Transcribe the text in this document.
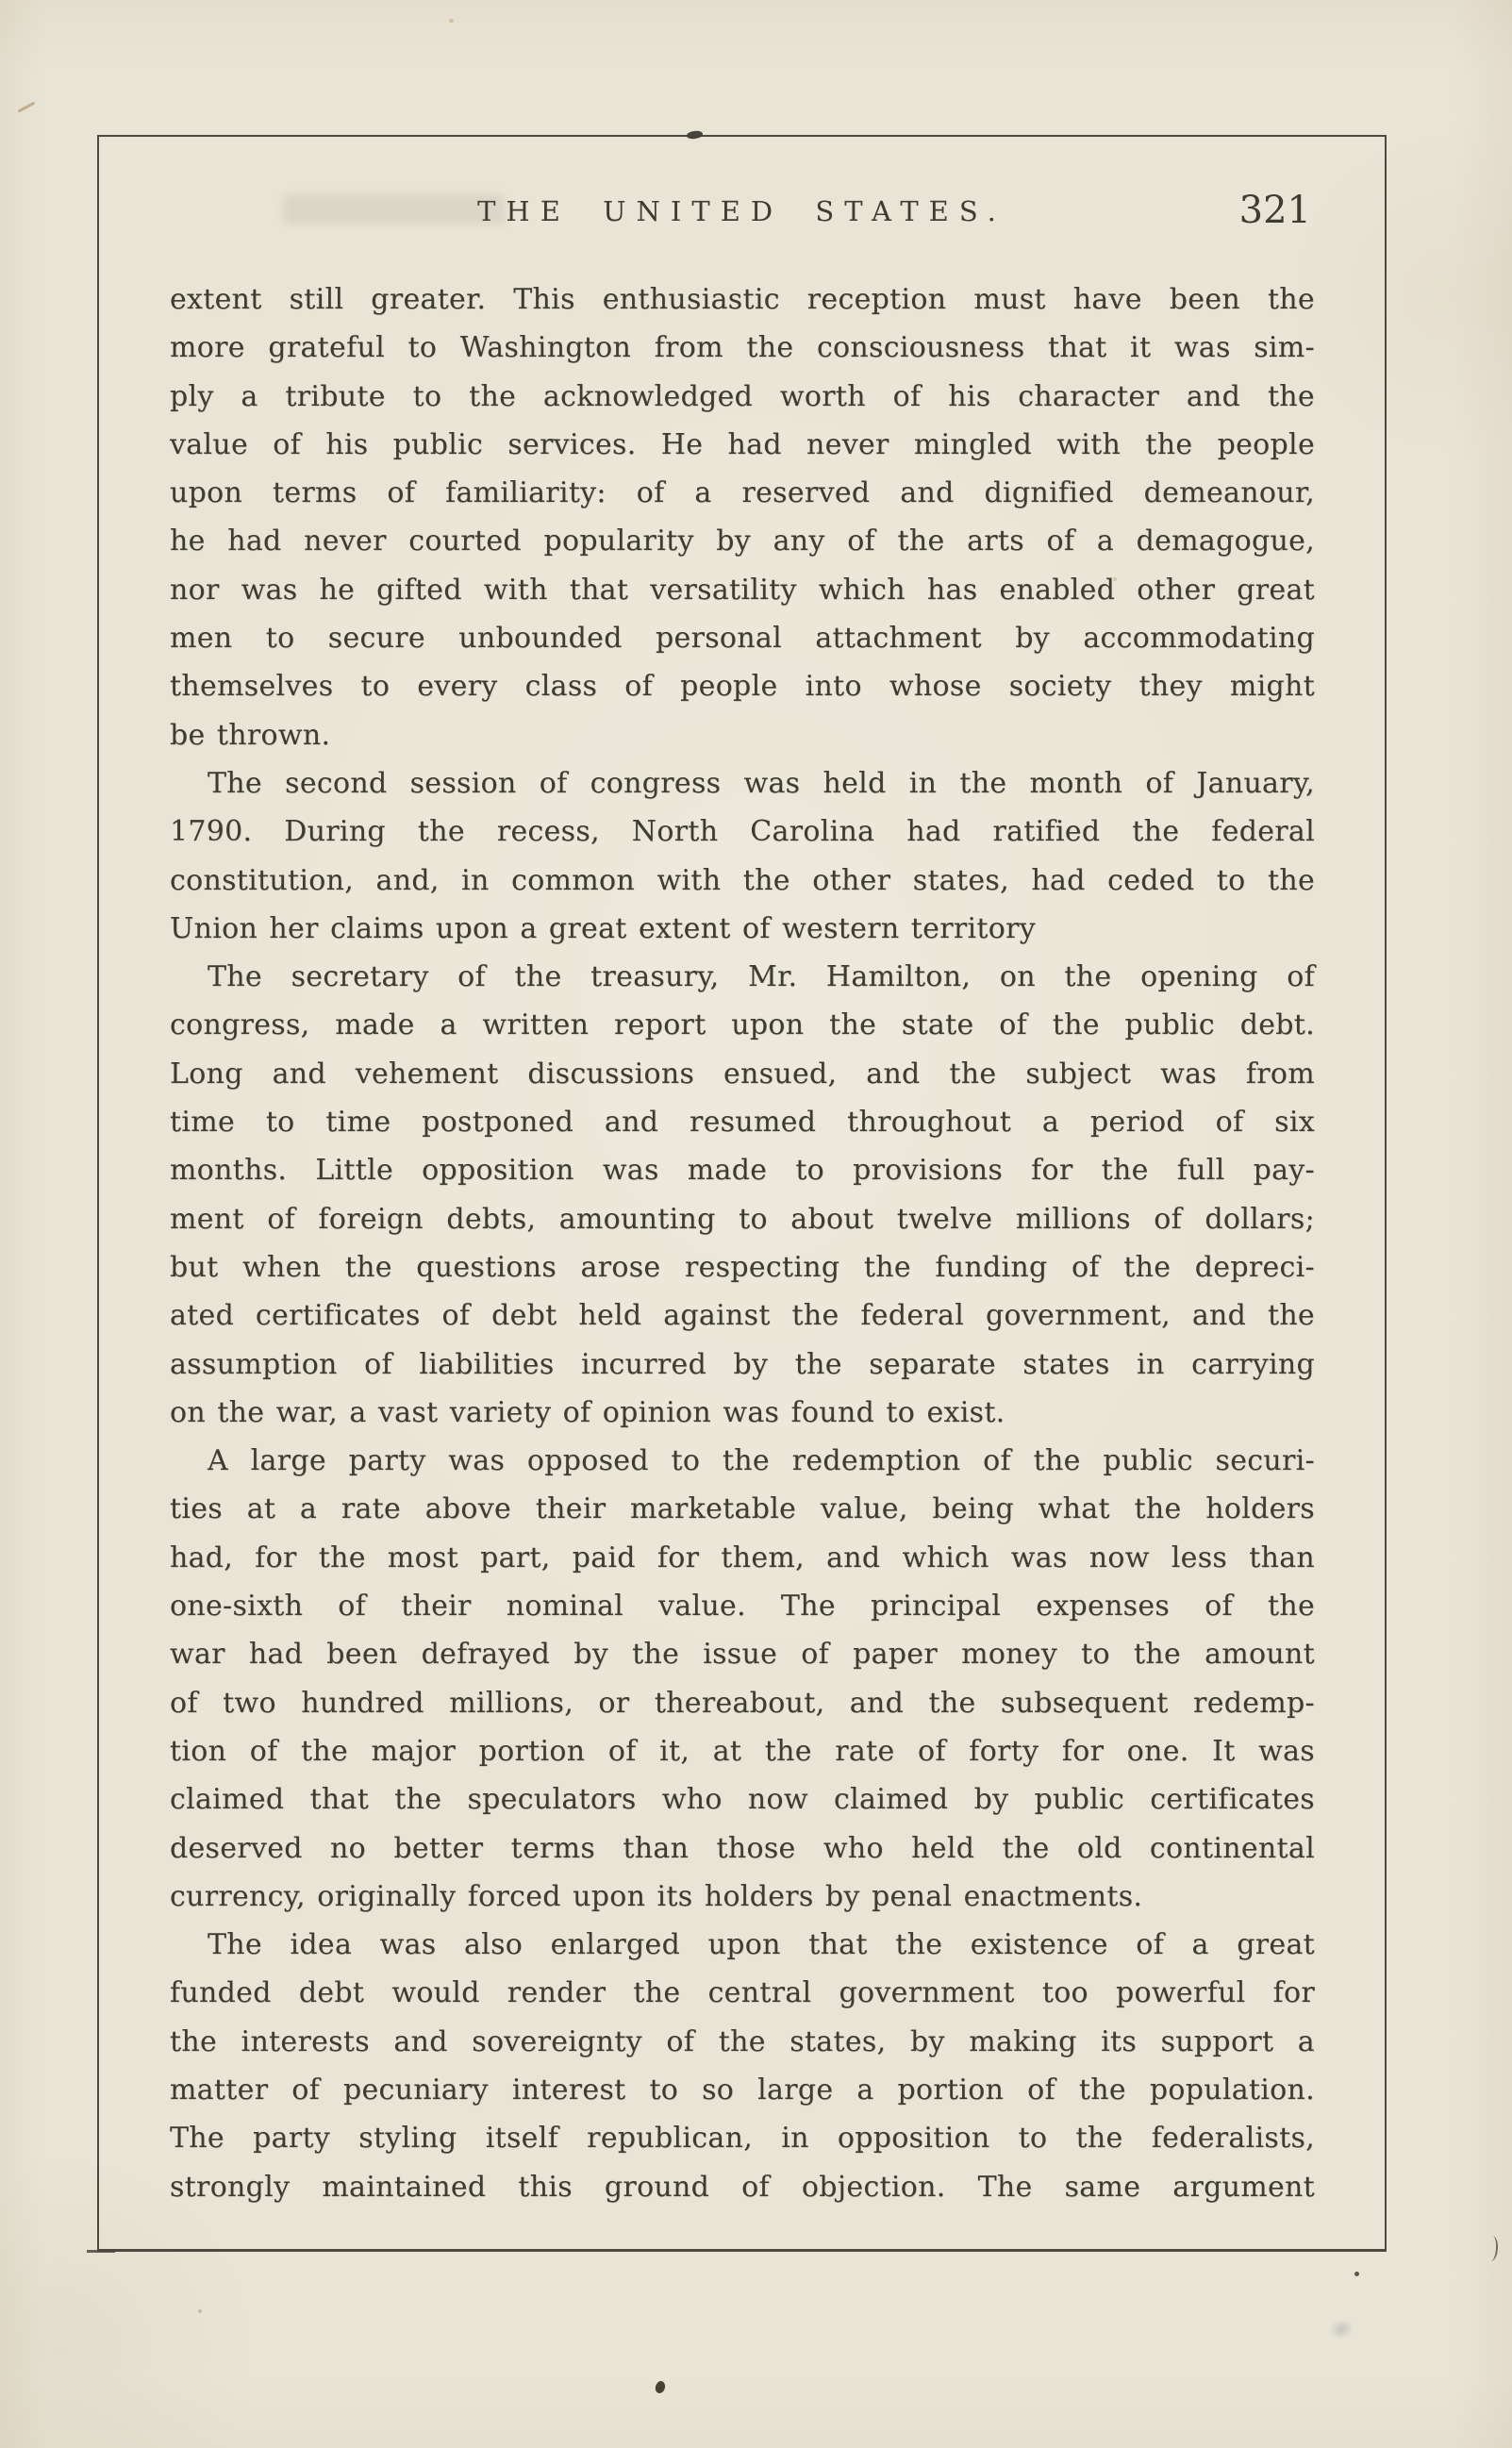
THE UNITED STATES.	321
extent still greater. This enthusiastic reception must have been the
more grateful to Washington from the consciousness that it was sim-
ply a tribute to the acknowledged worth of his character and the
value of his public services. He had never mingled with the people
upon terms of familiarity: of a reserved and dignified demeanour,
he had never courted popularity by any of the arts of a demagogue,
nor was he gifted with that versatility which has enabled other great
men to secure unbounded personal attachment by accommodating
themselves to every class of people into whose society they might
be thrown.
The second session of congress was held in the month of January,
1790. During the recess, North Carolina had ratified the federal
constitution, and, in common with the other states, had ceded to the
Union her claims upon a great extent of western territory
The secretary of the treasury, Mr. Hamilton, on the opening of
congress, made a written report upon the state of the public debt.
Long and vehement discussions ensued, and the subject was from
time to time postponed and resumed throughout a period of six
months. Little opposition was made to provisions for the full pay-
ment of foreign debts, amounting to about twelve millions of dollars;
but when the questions arose respecting the funding of the depreci-
ated certificates of debt held against the federal government, and the
assumption of liabilities incurred by the separate states in carrying
on the war, a vast variety of opinion was found to exist.
A large party was opposed to the redemption of the public securi-
ties at a rate above their marketable value, being what the holders
had, for the most part, paid for them, and which was now less than
one-sixth of their nominal value. The principal expenses of the
war had been defrayed by the issue of paper money to the amount
of two hundred millions, or thereabout, and the subsequent redemp-
tion of the major portion of it, at the rate of forty for one. It was
claimed that the speculators who now claimed by public certificates
deserved no better terms than those who held the old continental
currency, originally forced upon its holders by penal enactments.
The idea was also enlarged upon that the existence of a great
funded debt would render the central government too powerful for
the interests and sovereignty of the states, by making its support a
matter of pecuniary interest to so large a portion of the population.
The party styling itself republican, in opposition to the federalists,
strongly maintained this ground of objection. The same argument
